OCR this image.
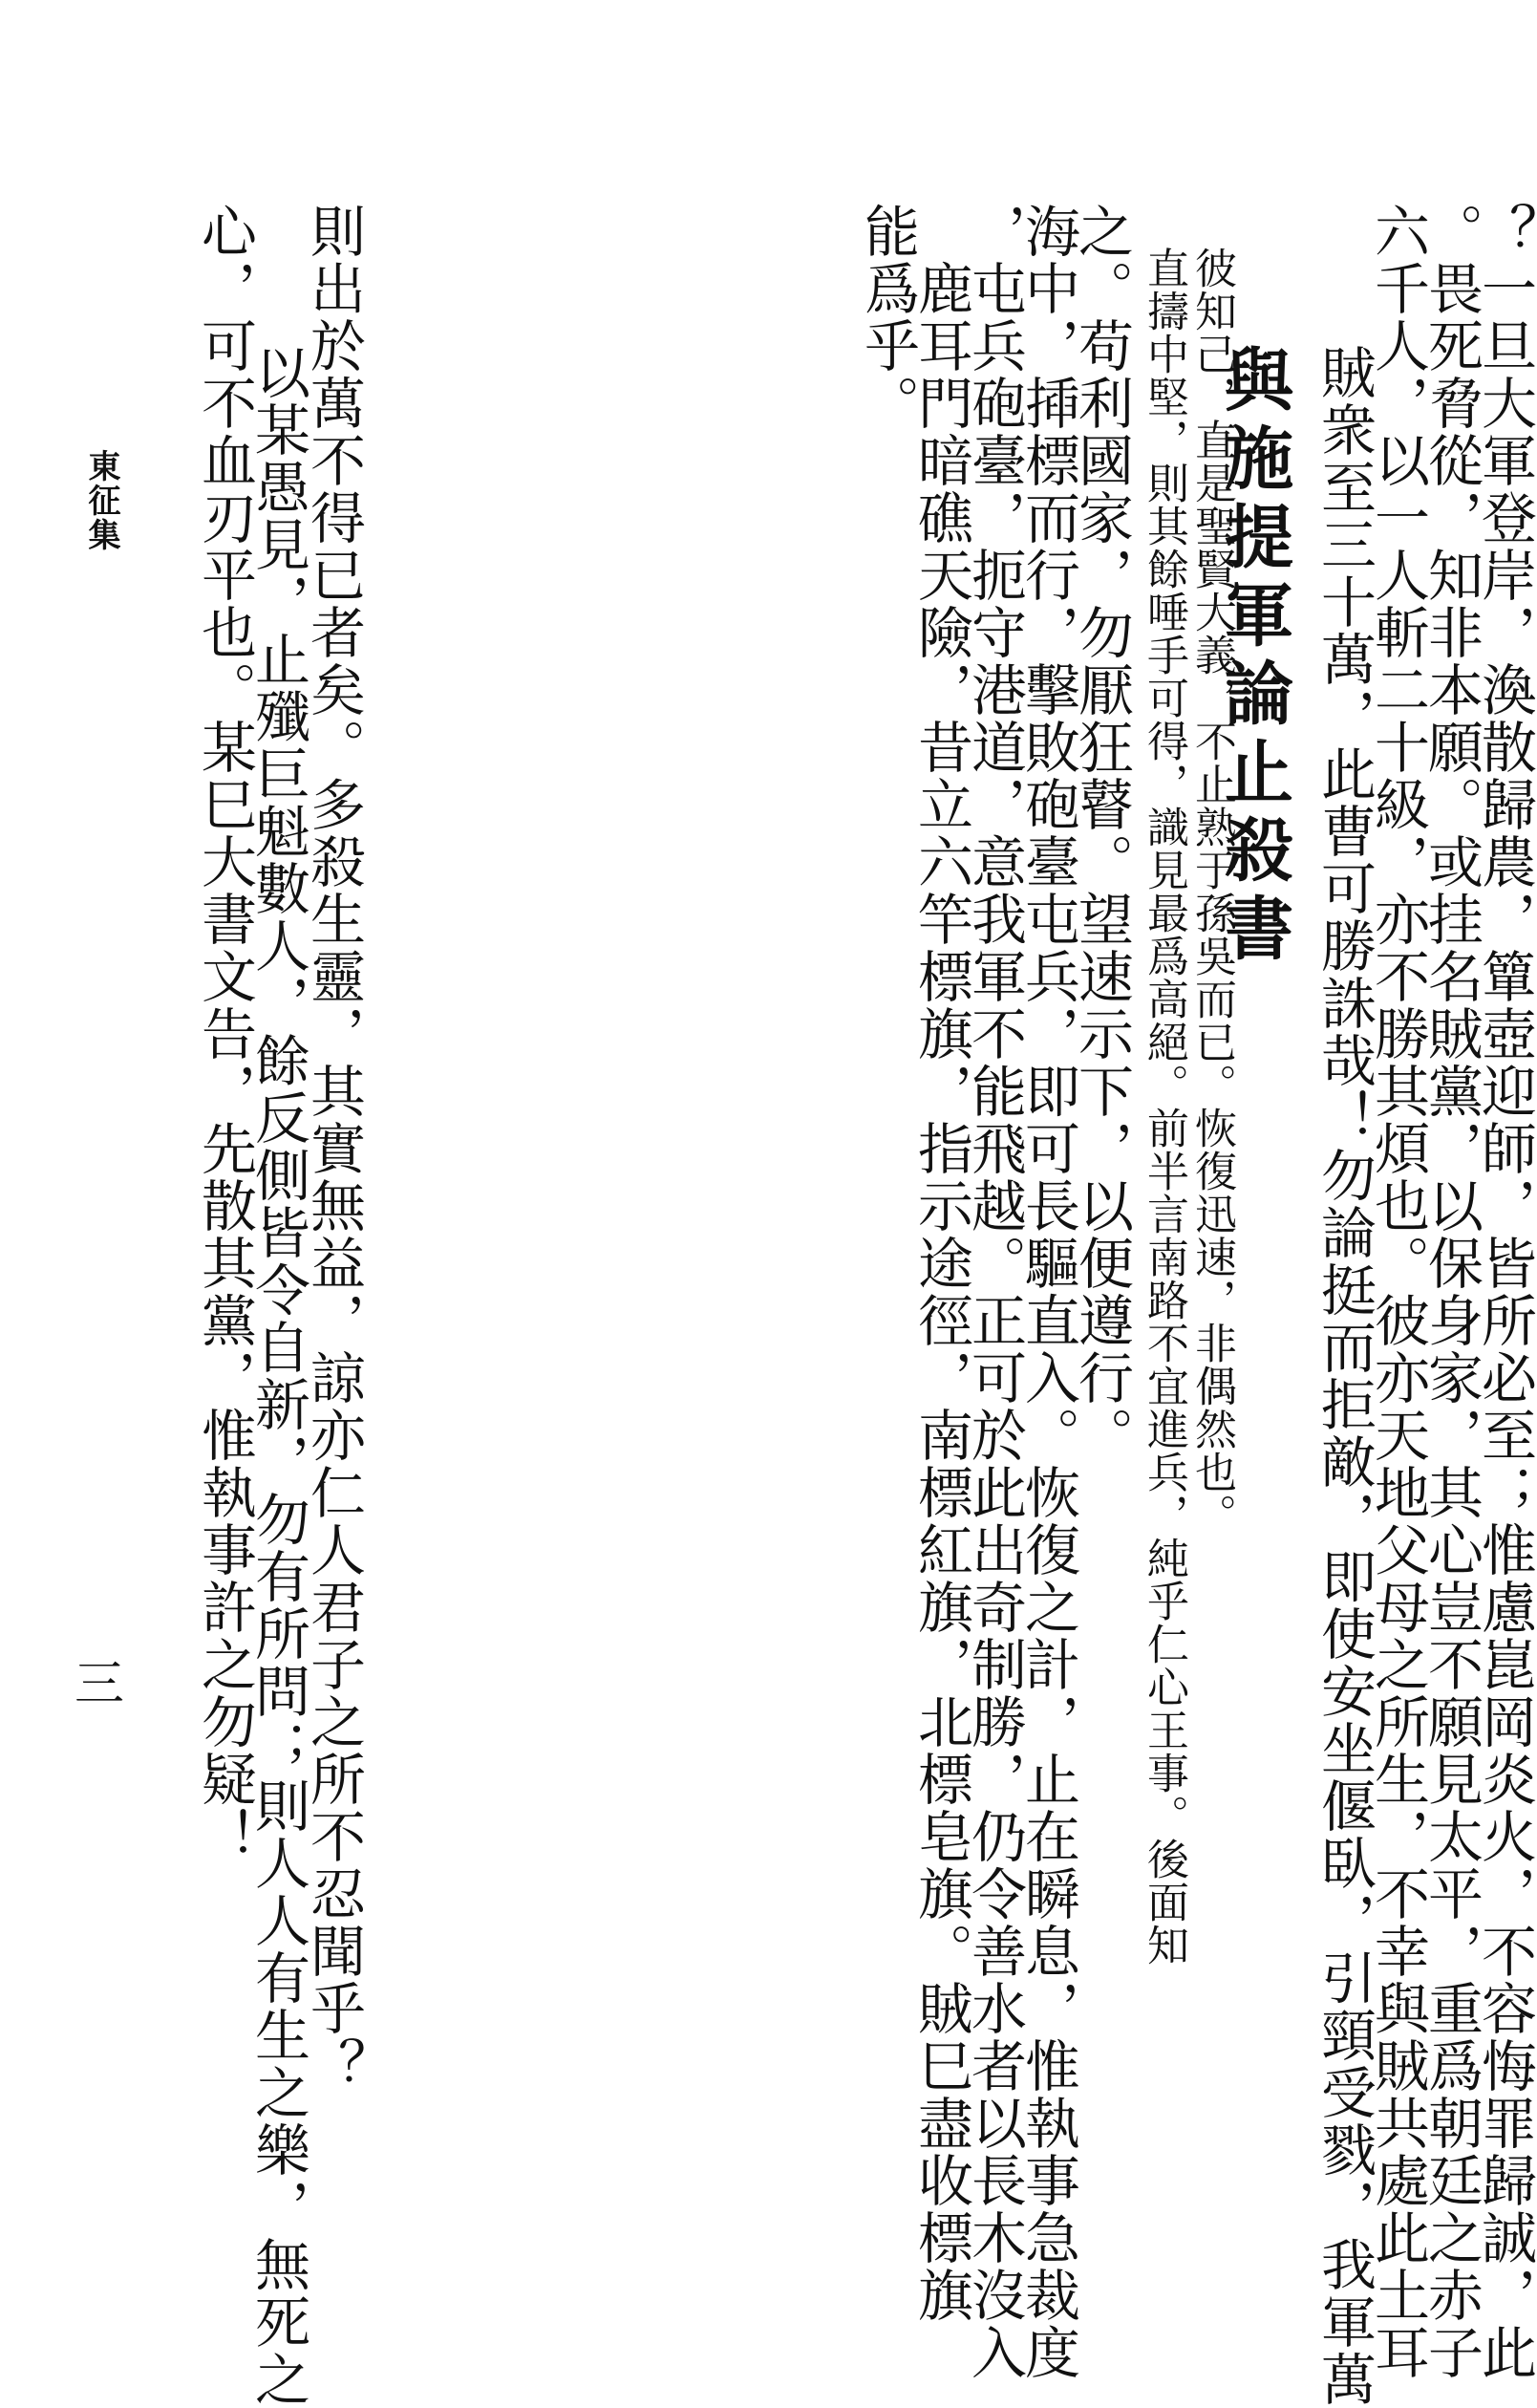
能爲乎。
　鹿耳門暗礁天險，昔立六竿標旗，指示途徑，南標紅旗，北標皂旗。賊巳盡收標旗
，屯兵砲臺，扼守港道，意我軍不能飛越。正可於此出奇制勝，仍令善水者以長木沒入
海中，揷標而行，擊敗砲臺屯兵，即可長驅直入。恢復之計，止在瞬息，惟執事急裁度
之。苟利國家，勿厭狂瞽。望速示下，以便遵行。 直擣中堅，則其餘唾手可得，識見最爲高絕。前半言南路不宜進兵，純乎仁心王事。後面知 彼知己，直是聖賢大義，不止熟于孫吳而已。恢復迅速，非偶然也。
與施提軍論止殺書 　賊衆至三十萬，此曹可勝誅哉！勿論挺而拒敵，即使安坐偃臥，引頸受戮，我軍萬
六千人，以一人斬二十級，亦不勝其煩也。彼亦天地父母之所生，不幸與賊共處此土耳
。畏死脅從，知非本願。或挂名賊黨，以保身家，其心豈不願見太平，重爲朝廷之赤子
？一旦大軍登岸，渙散歸農，簞壺迎師，皆所必至；惟慮崑岡炎火，不容悔罪歸誠，此
則出於萬不得已者矣。多殺生靈，其實無益，諒亦仁人君子之所不忍聞乎？
　以某愚見，止殲巨魁數人，餘反側皆令自新，勿有所問；則人人有生之樂，無死之
心，可不血刃平也。某巳大書文告，先散其黨，惟執事許之勿疑！
東征集
三
